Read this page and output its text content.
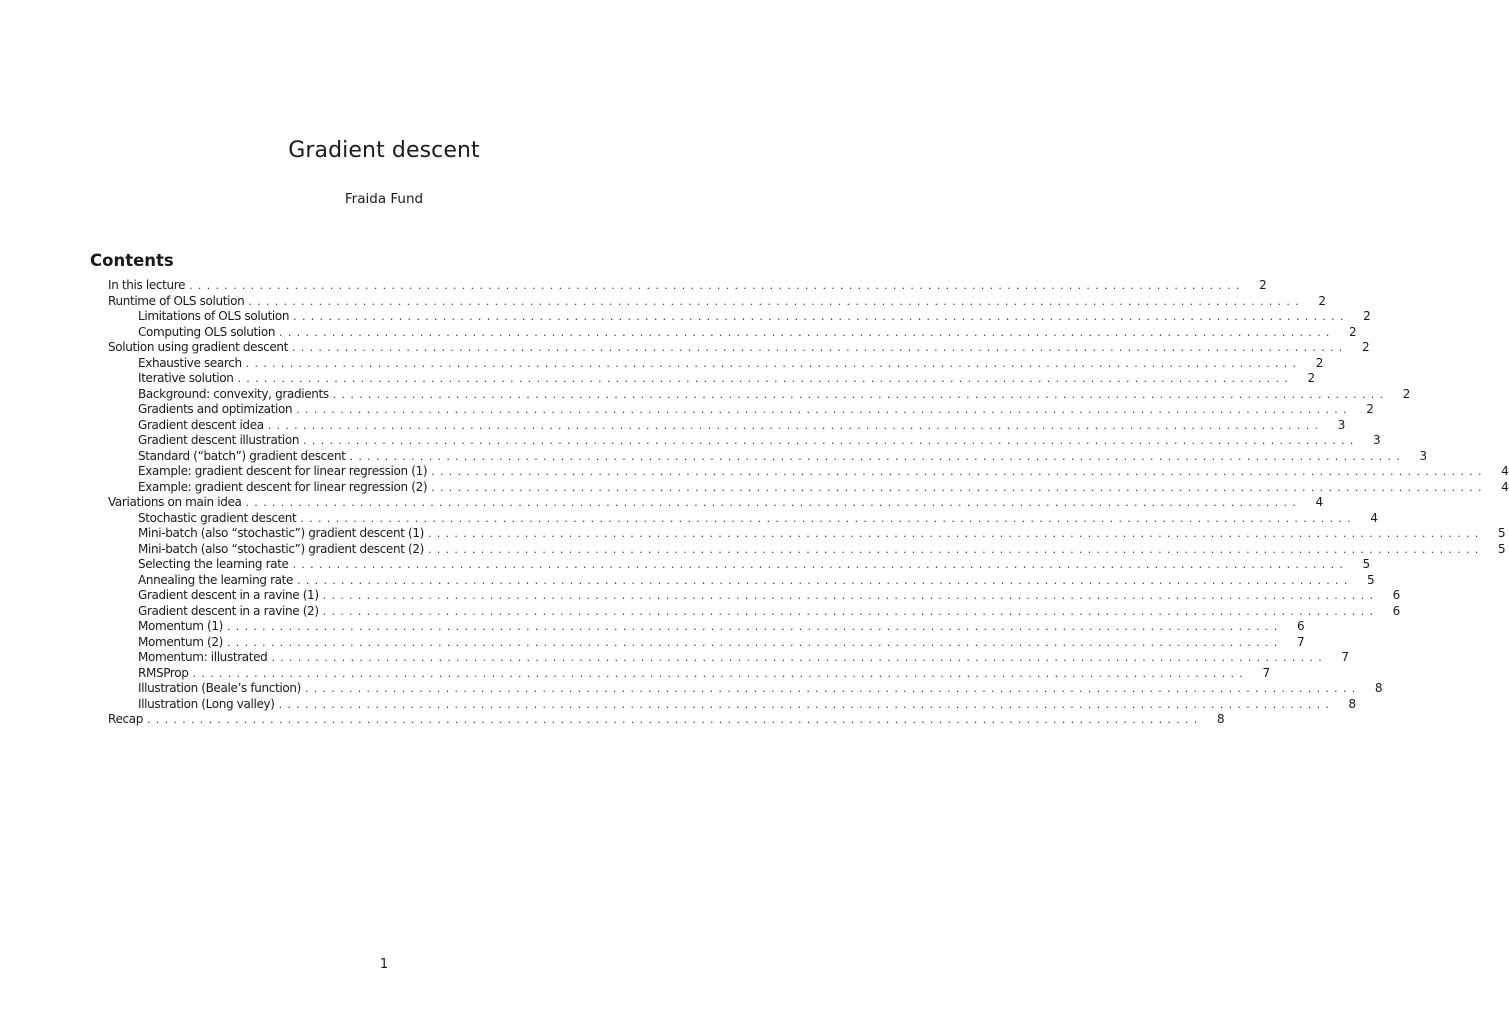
Gradient descent
Fraida Fund
Contents
In this lecture ........................................................................................................................	2
Runtime of OLS solution ........................................................................................................................	2
Limitations of OLS solution ........................................................................................................................	2
Computing OLS solution ........................................................................................................................	2
Solution using gradient descent ........................................................................................................................	2
Exhaustive search ........................................................................................................................	2
Iterative solution ........................................................................................................................	2
Background: convexity, gradients ........................................................................................................................	2
Gradients and optimization ........................................................................................................................	2
Gradient descent idea ........................................................................................................................	3
Gradient descent illustration ........................................................................................................................	3
Standard (“batch”) gradient descent ........................................................................................................................	3
Example: gradient descent for linear regression (1) ........................................................................................................................	4
Example: gradient descent for linear regression (2) ........................................................................................................................	4
Variations on main idea ........................................................................................................................	4
Stochastic gradient descent ........................................................................................................................	4
Mini-batch (also “stochastic”) gradient descent (1) ........................................................................................................................	5
Mini-batch (also “stochastic”) gradient descent (2) ........................................................................................................................	5
Selecting the learning rate ........................................................................................................................	5
Annealing the learning rate ........................................................................................................................	5
Gradient descent in a ravine (1) ........................................................................................................................	6
Gradient descent in a ravine (2) ........................................................................................................................	6
Momentum (1) ........................................................................................................................	6
Momentum (2) ........................................................................................................................	7
Momentum: illustrated ........................................................................................................................	7
RMSProp ........................................................................................................................	7
Illustration (Beale’s function) ........................................................................................................................	8
Illustration (Long valley) ........................................................................................................................	8
Recap ........................................................................................................................	8
1
